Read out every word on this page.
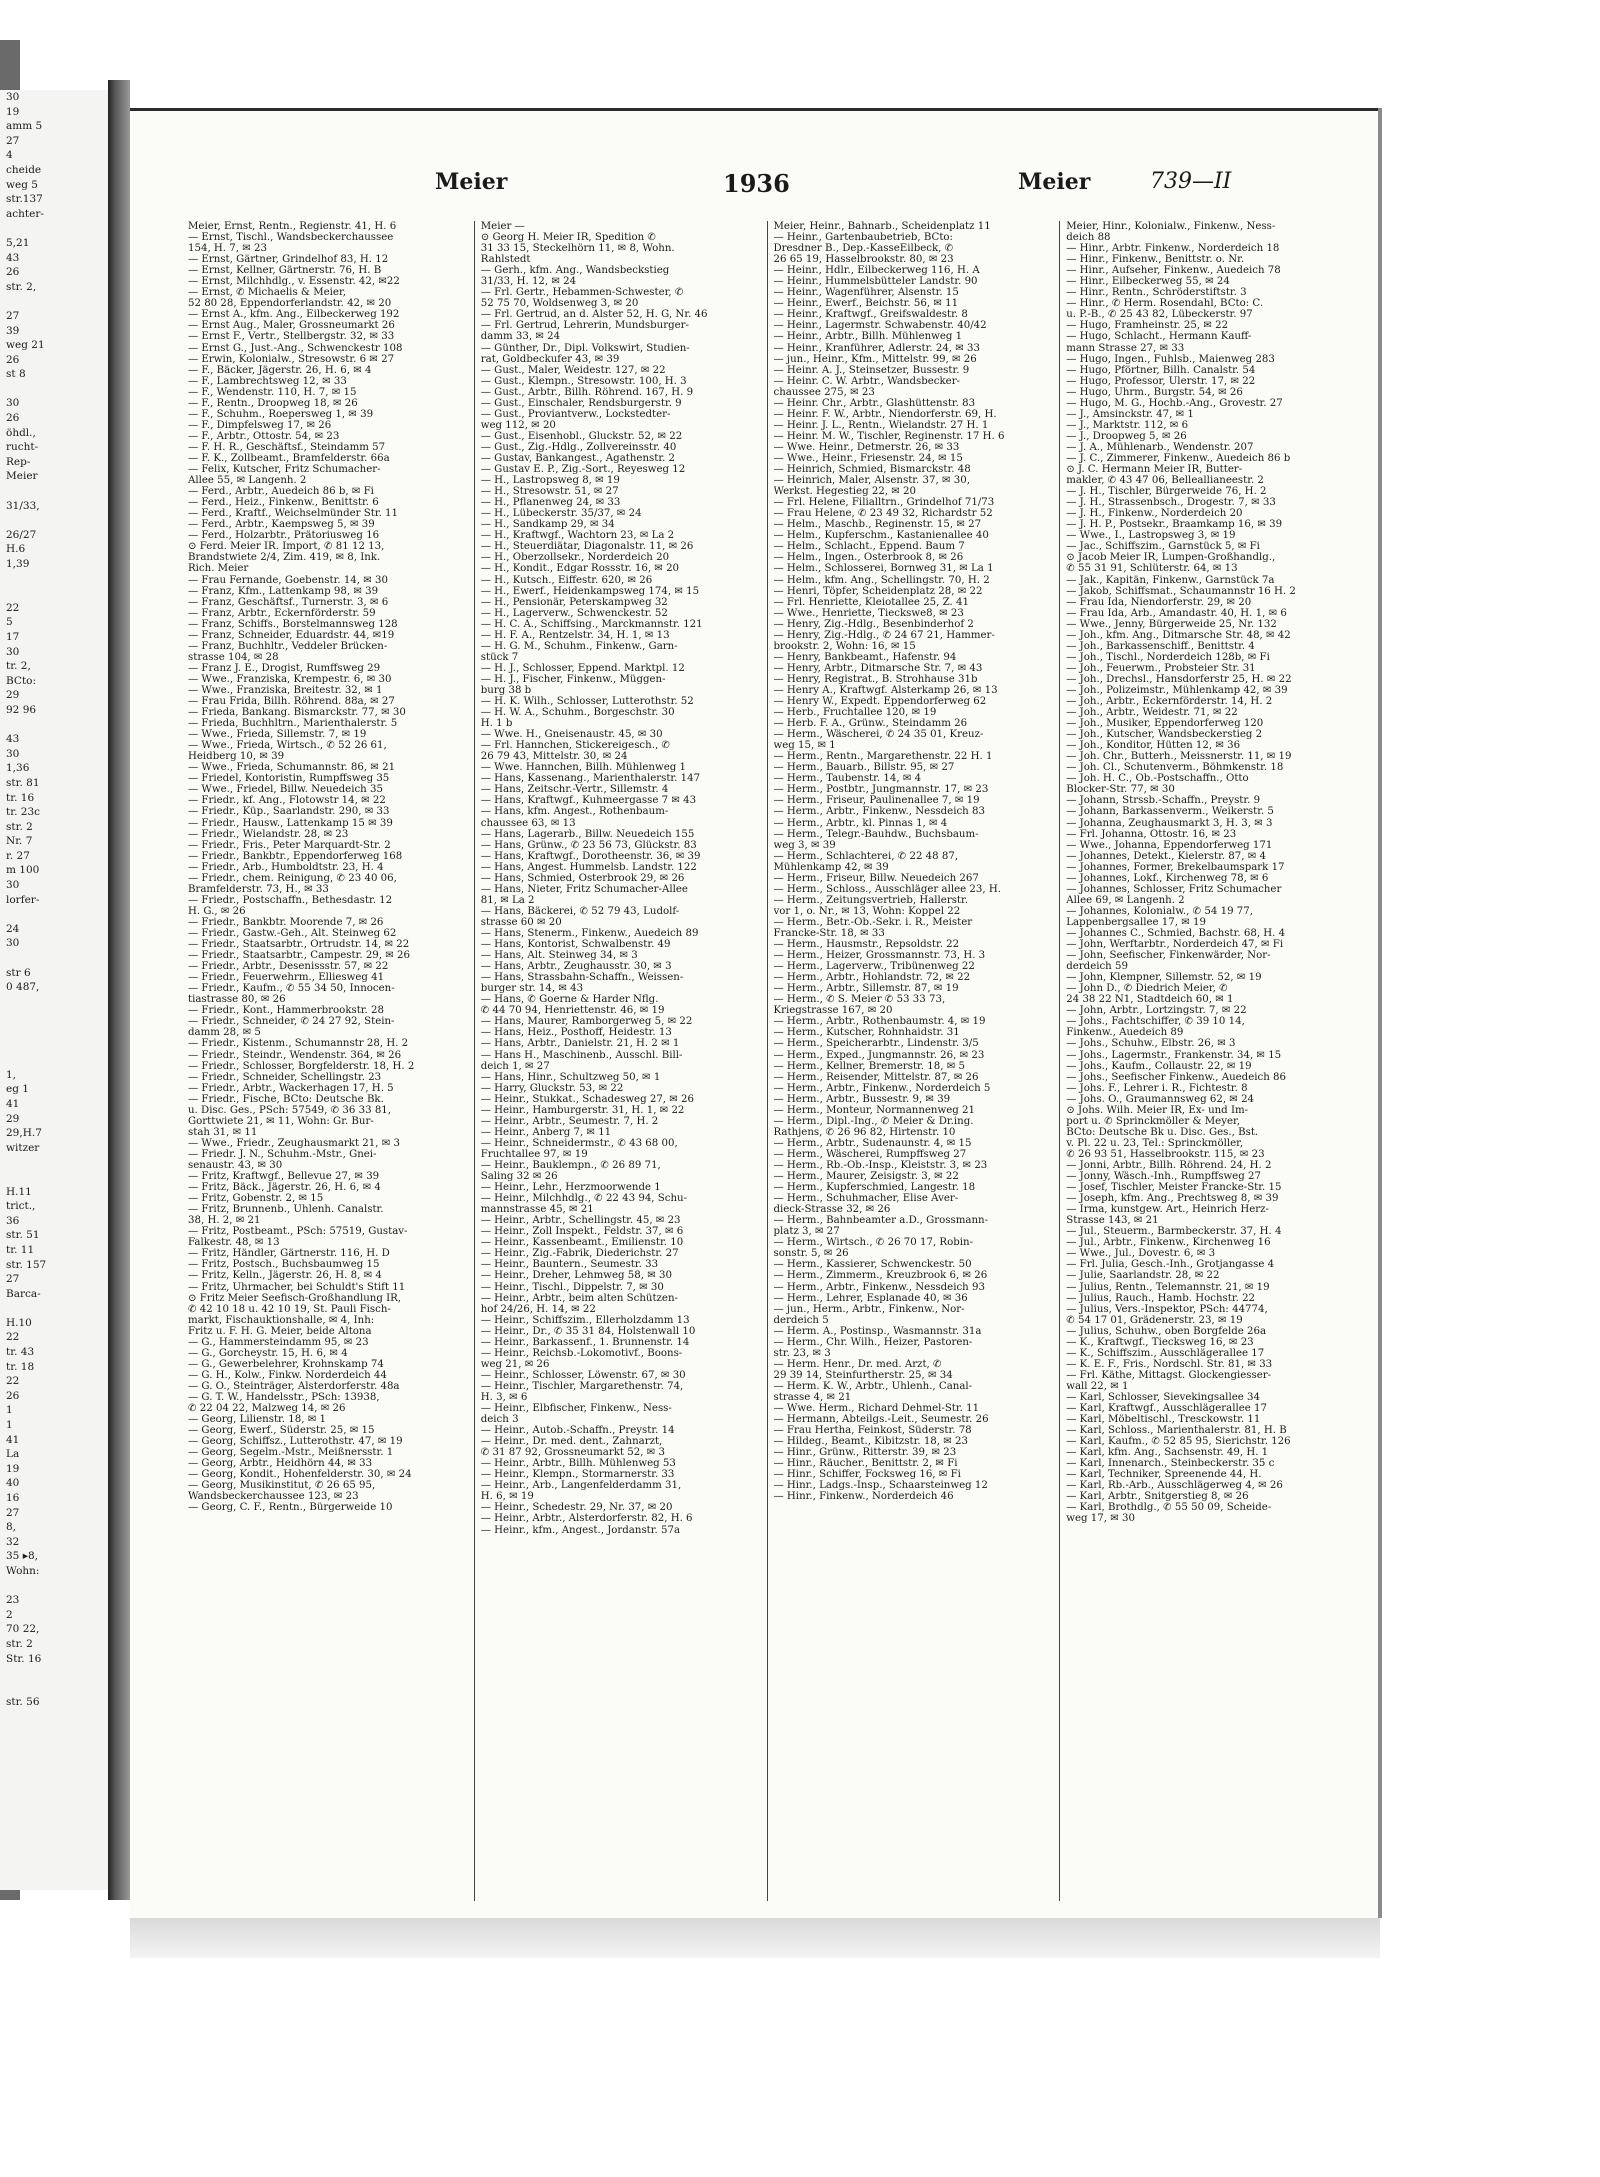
30
19
amm 5
27
4
cheide
weg 5
str.137
achter-

5,21
43
26
str. 2,

27
39
weg 21
26
st 8

30
26
öhdl.,
rucht-
Rep-
Meier

31/33,

26/27
H.6
1,39

22
5
17
30
tr. 2,
BCto:
29
92 96

43
30
1,36
str. 81
tr. 16
tr. 23c
str. 2
Nr. 7
r. 27
m 100
30
lorfer-

24
30

str 6
0 487,

1,
eg 1
41
29
29,H.7
witzer

H.11
trict.,
36
str. 51
tr. 11
str. 157
27
Barca-

H.10
22
tr. 43
tr. 18
22
26
1
1
41
La
19
40
16
27
8,
32
35 ▸8,
Wohn:

23
2
70 22,
str. 2
Str. 16

str. 56
Meier	1936	Meier	739—II
Meier, Ernst, Rentn., Regienstr. 41, H. 6
— Ernst, Tischl., Wandsbeckerchaussee
154, H. 7, ✉ 23
— Ernst, Gärtner, Grindelhof 83, H. 12
— Ernst, Kellner, Gärtnerstr. 76, H. B
— Ernst, Milchhdlg., v. Essenstr. 42, ✉22
— Ernst, ✆ Michaelis & Meier,
52 80 28, Eppendorferlandstr. 42, ✉ 20
— Ernst A., kfm. Ang., Eilbeckerweg 192
— Ernst Aug., Maler, Grossneumarkt 26
— Ernst F., Vertr., Stellbergstr. 32, ✉ 33
— Ernst G., Just.-Ang., Schwenckestr 108
— Erwin, Kolonialw., Stresowstr. 6 ✉ 27
— F., Bäcker, Jägerstr. 26, H. 6, ✉ 4
— F., Lambrechtsweg 12, ✉ 33
— F., Wendenstr. 110, H. 7, ✉ 15
— F., Rentn., Droopweg 18, ✉ 26
— F., Schuhm., Roepersweg 1, ✉ 39
— F., Dimpfelsweg 17, ✉ 26
— F., Arbtr., Ottostr. 54, ✉ 23
— F. H. R., Geschäftsf., Steindamm 57
— F. K., Zollbeamt., Bramfelderstr. 66a
— Felix, Kutscher, Fritz Schumacher-
Allee 55, ✉ Langenh. 2
— Ferd., Arbtr., Auedeich 86 b, ✉ Fi
— Ferd., Heiz., Finkenw., Benittstr. 6
— Ferd., Kraftf., Weichselmünder Str. 11
— Ferd., Arbtr., Kaempsweg 5, ✉ 39
— Ferd., Holzarbtr., Prätoriusweg 16
⊙ Ferd. Meier IR. Import, ✆ 81 12 13,
Brandstwiete 2/4, Zim. 419, ✉ 8, Ink.
Rich. Meier
— Frau Fernande, Goebenstr. 14, ✉ 30
— Franz, Kfm., Lattenkamp 98, ✉ 39
— Franz, Geschäftsf., Turnerstr. 3, ✉ 6
— Franz, Arbtr., Eckernförderstr. 59
— Franz, Schiffs., Borstelmannsweg 128
— Franz, Schneider, Eduardstr. 44, ✉19
— Franz, Buchhltr., Veddeler Brücken-
strasse 104, ✉ 28
— Franz J. E., Drogist, Rumffsweg 29
— Wwe., Franziska, Krempestr. 6, ✉ 30
— Wwe., Franziska, Breitestr. 32, ✉ 1
— Frau Frida, Billh. Röhrend. 88a, ✉ 27
— Frieda, Bankang. Bismarckstr. 77, ✉ 30
— Frieda, Buchhltrn., Marienthalerstr. 5
— Wwe., Frieda, Sillemstr. 7, ✉ 19
— Wwe., Frieda, Wirtsch., ✆ 52 26 61,
Heidberg 10, ✉ 39
— Wwe., Frieda, Schumannstr. 86, ✉ 21
— Friedel, Kontoristin, Rumpffsweg 35
— Wwe., Friedel, Billw. Neuedeich 35
— Friedr., kf. Ang., Flotowstr 14, ✉ 22
— Friedr., Küp., Saarlandstr. 290, ✉ 33
— Friedr., Hausw., Lattenkamp 15 ✉ 39
— Friedr., Wielandstr. 28, ✉ 23
— Friedr., Fris., Peter Marquardt-Str. 2
— Friedr., Bankbtr., Eppendorferweg 168
— Friedr., Arb., Humboldtstr. 23, H. 4
— Friedr., chem. Reinigung, ✆ 23 40 06,
Bramfelderstr. 73, H., ✉ 33
— Friedr., Postschaffn., Bethesdastr. 12
H. G., ✉ 26
— Friedr., Bankbtr. Moorende 7, ✉ 26
— Friedr., Gastw.-Geh., Alt. Steinweg 62
— Friedr., Staatsarbtr., Ortrudstr. 14, ✉ 22
— Friedr., Staatsarbtr., Campestr. 29, ✉ 26
— Friedr., Arbtr., Desenissstr. 57, ✉ 22
— Friedr., Feuerwehrm., Elliesweg 41
— Friedr., Kaufm., ✆ 55 34 50, Innocen-
tiastrasse 80, ✉ 26
— Friedr., Kont., Hammerbrookstr. 28
— Friedr., Schneider, ✆ 24 27 92, Stein-
damm 28, ✉ 5
— Friedr., Kistenm., Schumannstr 28, H. 2
— Friedr., Steindr., Wendenstr. 364, ✉ 26
— Friedr., Schlosser, Borgfelderstr. 18, H. 2
— Friedr., Schneider, Schellingstr. 23
— Friedr., Arbtr., Wackerhagen 17, H. 5
— Friedr., Fische, BCto: Deutsche Bk.
u. Disc. Ges., PSch: 57549, ✆ 36 33 81,
Gorttwiete 21, ✉ 11, Wohn: Gr. Bur-
stah 31, ✉ 11
— Wwe., Friedr., Zeughausmarkt 21, ✉ 3
— Friedr. J. N., Schuhm.-Mstr., Gnei-
senaustr. 43, ✉ 30
— Fritz, Kraftwgf., Bellevue 27, ✉ 39
— Fritz, Bäck., Jägerstr. 26, H. 6, ✉ 4
— Fritz, Gobenstr. 2, ✉ 15
— Fritz, Brunnenb., Uhlenh. Canalstr.
38, H. 2, ✉ 21
— Fritz, Postbeamt., PSch: 57519, Gustav-
Falkestr. 48, ✉ 13
— Fritz, Händler, Gärtnerstr. 116, H. D
— Fritz, Postsch., Buchsbaumweg 15
— Fritz, Kelln., Jägerstr. 26, H. 8, ✉ 4
— Fritz, Uhrmacher, bei Schuldt's Stift 11
⊙ Fritz Meier Seefisch-Großhandlung IR,
✆ 42 10 18 u. 42 10 19, St. Pauli Fisch-
markt, Fischauktionshalle, ✉ 4, Inh:
Fritz u. F. H. G. Meier, beide Altona
— G., Hammersteindamm 95, ✉ 23
— G., Gorcheystr. 15, H. 6, ✉ 4
— G., Gewerbelehrer, Krohnskamp 74
— G. H., Kolw., Finkw. Norderdeich 44
— G. O., Steinträger, Alsterdorferstr. 48a
— G. T. W., Handelsstr., PSch: 13938,
✆ 22 04 22, Malzweg 14, ✉ 26
— Georg, Lilienstr. 18, ✉ 1
— Georg, Ewerf., Süderstr. 25, ✉ 15
— Georg, Schiffsz., Lutterothstr. 47, ✉ 19
— Georg, Segelm.-Mstr., Meißnersstr. 1
— Georg, Arbtr., Heidhörn 44, ✉ 33
— Georg, Kondit., Hohenfelderstr. 30, ✉ 24
— Georg, Musikinstitut, ✆ 26 65 95,
Wandsbeckerchaussee 123, ✉ 23
— Georg, C. F., Rentn., Bürgerweide 10
Meier —
⊙ Georg H. Meier IR, Spedition ✆
31 33 15, Steckelhörn 11, ✉ 8, Wohn.
Rahlstedt
— Gerh., kfm. Ang., Wandsbeckstieg
31/33, H. 12, ✉ 24
— Frl. Gertr., Hebammen-Schwester, ✆
52 75 70, Woldsenweg 3, ✉ 20
— Frl. Gertrud, an d. Alster 52, H. G, Nr. 46
— Frl. Gertrud, Lehrerin, Mundsburger-
damm 33, ✉ 24
— Günther, Dr., Dipl. Volkswirt, Studien-
rat, Goldbeckufer 43, ✉ 39
— Gust., Maler, Weidestr. 127, ✉ 22
— Gust., Klempn., Stresowstr. 100, H. 3
— Gust., Arbtr., Billh. Röhrend. 167, H. 9
— Gust., Einschaler, Rendsburgerstr. 9
— Gust., Proviantverw., Lockstedter-
weg 112, ✉ 20
— Gust., Eisenhobl., Gluckstr. 52, ✉ 22
— Gust., Zig.-Hdlg., Zollvereinsstr. 40
— Gustav, Bankangest., Agathenstr. 2
— Gustav E. P., Zig.-Sort., Reyesweg 12
— H., Lastropsweg 8, ✉ 19
— H., Stresowstr. 51, ✉ 27
— H., Pflanenweg 24, ✉ 33
— H., Lübeckerstr. 35/37, ✉ 24
— H., Sandkamp 29, ✉ 34
— H., Kraftwgf., Wachtorn 23, ✉ La 2
— H., Steuerdiätar, Diagonalstr. 11, ✉ 26
— H., Oberzollsekr., Norderdeich 20
— H., Kondit., Edgar Rossstr. 16, ✉ 20
— H., Kutsch., Eiffestr. 620, ✉ 26
— H., Ewerf., Heidenkampsweg 174, ✉ 15
— H., Pensionär, Peterskampweg 32
— H., Lagerverw., Schwenckestr. 52
— H. C. A., Schiffsing., Marckmannstr. 121
— H. F. A., Rentzelstr. 34, H. 1, ✉ 13
— H. G. M., Schuhm., Finkenw., Garn-
stück 7
— H. J., Schlosser, Eppend. Marktpl. 12
— H. J., Fischer, Finkenw., Müggen-
burg 38 b
— H. K. Wilh., Schlosser, Lutterothstr. 52
— H. W. A., Schuhm., Borgeschstr. 30
H. 1 b
— Wwe. H., Gneisenaustr. 45, ✉ 30
— Frl. Hannchen, Stickereigesch., ✆
26 79 43, Mittelstr. 30, ✉ 24
— Wwe. Hannchen, Billh. Mühlenweg 1
— Hans, Kassenang., Marienthalerstr. 147
— Hans, Zeitschr.-Vertr., Sillemstr. 4
— Hans, Kraftwgf., Kuhmeergasse 7 ✉ 43
— Hans, kfm. Angest., Rothenbaum-
chaussee 63, ✉ 13
— Hans, Lagerarb., Billw. Neuedeich 155
— Hans, Grünw., ✆ 23 56 73, Glückstr. 83
— Hans, Kraftwgf., Dorotheenstr. 36, ✉ 39
— Hans, Angest. Hummelsb. Landstr. 122
— Hans, Schmied, Osterbrook 29, ✉ 26
— Hans, Nieter, Fritz Schumacher-Allee
81, ✉ La 2
— Hans, Bäckerei, ✆ 52 79 43, Ludolf-
strasse 60 ✉ 20
— Hans, Stenerm., Finkenw., Auedeich 89
— Hans, Kontorist, Schwalbenstr. 49
— Hans, Alt. Steinweg 34, ✉ 3
— Hans, Arbtr., Zeughausstr. 30, ✉ 3
— Hans, Strassbahn-Schaffn., Weissen-
burger str. 14, ✉ 43
— Hans, ✆ Goerne & Harder Nflg.
✆ 44 70 94, Henriettenstr. 46, ✉ 19
— Hans, Maurer, Ramborgerweg 5, ✉ 22
— Hans, Heiz., Posthoff, Heidestr. 13
— Hans, Arbtr., Danielstr. 21, H. 2 ✉ 1
— Hans H., Maschinenb., Ausschl. Bill-
deich 1, ✉ 27
— Hans, Hinr., Schultzweg 50, ✉ 1
— Harry, Gluckstr. 53, ✉ 22
— Heinr., Stukkat., Schadesweg 27, ✉ 26
— Heinr., Hamburgerstr. 31, H. 1, ✉ 22
— Heinr., Arbtr., Seumestr. 7, H. 2
— Heinr., Anberg 7, ✉ 11
— Heinr., Schneidermstr., ✆ 43 68 00,
Fruchtallee 97, ✉ 19
— Heinr., Bauklempn., ✆ 26 89 71,
Saling 32 ✉ 26
— Heinr., Lehr., Herzmoorwende 1
— Heinr., Milchhdlg., ✆ 22 43 94, Schu-
mannstrasse 45, ✉ 21
— Heinr., Arbtr., Schellingstr. 45, ✉ 23
— Heinr., Zoll Inspekt., Feldstr. 37, ✉ 6
— Heinr., Kassenbeamt., Emilienstr. 10
— Heinr., Zig.-Fabrik, Diederichstr. 27
— Heinr., Bauntern., Seumestr. 33
— Heinr., Dreher, Lehmweg 58, ✉ 30
— Heinr., Tischl., Dippelstr. 7, ✉ 30
— Heinr., Arbtr., beim alten Schützen-
hof 24/26, H. 14, ✉ 22
— Heinr., Schiffszim., Ellerholzdamm 13
— Heinr., Dr., ✆ 35 31 84, Holstenwall 10
— Heinr., Barkassenf., 1. Brunnenstr. 14
— Heinr., Reichsb.-Lokomotivf., Boons-
weg 21, ✉ 26
— Heinr., Schlosser, Löwenstr. 67, ✉ 30
— Heinr., Tischler, Margarethenstr. 74,
H. 3, ✉ 6
— Heinr., Elbfischer, Finkenw., Ness-
deich 3
— Heinr., Autob.-Schaffn., Preystr. 14
— Heinr., Dr. med. dent., Zahnarzt,
✆ 31 87 92, Grossneumarkt 52, ✉ 3
— Heinr., Arbtr., Billh. Mühlenweg 53
— Heinr., Klempn., Stormarnerstr. 33
— Heinr., Arb., Langenfelderdamm 31,
H. 6, ✉ 19
— Heinr., Schedestr. 29, Nr. 37, ✉ 20
— Heinr., Arbtr., Alsterdorferstr. 82, H. 6
— Heinr., kfm., Angest., Jordanstr. 57a
Meier, Heinr., Bahnarb., Scheidenplatz 11
— Heinr., Gartenbaubetrieb, BCto:
Dresdner B., Dep.-KasseEilbeck, ✆
26 65 19, Hasselbrookstr. 80, ✉ 23
— Heinr., Hdlr., Eilbeckerweg 116, H. A
— Heinr., Hummelsbütteler Landstr. 90
— Heinr., Wagenführer, Alsenstr. 15
— Heinr., Ewerf., Beichstr. 56, ✉ 11
— Heinr., Kraftwgf., Greifswaldestr. 8
— Heinr., Lagermstr. Schwabenstr. 40/42
— Heinr., Arbtr., Billh. Mühlenweg 1
— Heinr., Kranführer, Adlerstr. 24, ✉ 33
— jun., Heinr., Kfm., Mittelstr. 99, ✉ 26
— Heinr. A. J., Steinsetzer, Bussestr. 9
— Heinr. C. W. Arbtr., Wandsbecker-
chaussee 275, ✉ 23
— Heinr. Chr., Arbtr., Glashüttenstr. 83
— Heinr. F. W., Arbtr., Niendorferstr. 69, H.
— Heinr. J. L., Rentn., Wielandstr. 27 H. 1
— Heinr. M. W., Tischler, Reginenstr. 17 H. 6
— Wwe. Heinr., Detmerstr. 26, ✉ 33
— Wwe., Heinr., Friesenstr. 24, ✉ 15
— Heinrich, Schmied, Bismarckstr. 48
— Heinrich, Maler, Alsenstr. 37, ✉ 30,
Werkst. Hegestieg 22, ✉ 20
— Frl. Helene, Filialltrn., Grindelhof 71/73
— Frau Helene, ✆ 23 49 32, Richardstr 52
— Helm., Maschb., Reginenstr. 15, ✉ 27
— Helm., Kupferschm., Kastanienallee 40
— Helm., Schlacht., Eppend. Baum 7
— Helm., Ingen., Osterbrook 8, ✉ 26
— Helm., Schlosserei, Bornweg 31, ✉ La 1
— Helm., kfm. Ang., Schellingstr. 70, H. 2
— Henri, Töpfer, Scheidenplatz 28, ✉ 22
— Frl. Henriette, Kleiotallee 25, Z. 41
— Wwe., Henriette, Tieckswe8, ✉ 23
— Henry, Zig.-Hdlg., Besenbinderhof 2
— Henry, Zig.-Hdlg., ✆ 24 67 21, Hammer-
brookstr. 2, Wohn: 16, ✉ 15
— Henry, Bankbeamt., Hafenstr. 94
— Henry, Arbtr., Ditmarsche Str. 7, ✉ 43
— Henry, Registrat., B. Strohhause 31b
— Henry A., Kraftwgf. Alsterkamp 26, ✉ 13
— Henry W., Expedt. Eppendorferweg 62
— Herb., Fruchtallee 120, ✉ 19
— Herb. F. A., Grünw., Steindamm 26
— Herm., Wäscherei, ✆ 24 35 01, Kreuz-
weg 15, ✉ 1
— Herm., Rentn., Margarethenstr. 22 H. 1
— Herm., Bauarb., Billstr. 95, ✉ 27
— Herm., Taubenstr. 14, ✉ 4
— Herm., Postbtr., Jungmannstr. 17, ✉ 23
— Herm., Friseur, Paulinenallee 7, ✉ 19
— Herm., Arbtr., Finkenw., Nessdeich 83
— Herm., Arbtr., kl. Pinnas 1, ✉ 4
— Herm., Telegr.-Bauhdw., Buchsbaum-
weg 3, ✉ 39
— Herm., Schlachterei, ✆ 22 48 87,
Mühlenkamp 42, ✉ 39
— Herm., Friseur, Billw. Neuedeich 267
— Herm., Schloss., Ausschläger allee 23, H.
— Herm., Zeitungsvertrieb, Hallerstr.
vor 1, o. Nr., ✉ 13, Wohn: Koppel 22
— Herm., Betr.-Ob.-Sekr. i. R., Meister
Francke-Str. 18, ✉ 33
— Herm., Hausmstr., Repsoldstr. 22
— Herm., Heizer, Grossmannstr. 73, H. 3
— Herm., Lagerverw., Tribünenweg 22
— Herm., Arbtr., Hohlandstr. 72, ✉ 22
— Herm., Arbtr., Sillemstr. 87, ✉ 19
— Herm., ✆ S. Meier ✆ 53 33 73,
Kriegstrasse 167, ✉ 20
— Herm., Arbtr., Rothenbaumstr. 4, ✉ 19
— Herm., Kutscher, Rohnhaidstr. 31
— Herm., Speicherarbtr., Lindenstr. 3/5
— Herm., Exped., Jungmannstr. 26, ✉ 23
— Herm., Kellner, Bremerstr. 18, ✉ 5
— Herm., Reisender, Mittelstr. 87, ✉ 26
— Herm., Arbtr., Finkenw., Norderdeich 5
— Herm., Arbtr., Bussestr. 9, ✉ 39
— Herm., Monteur, Normannenweg 21
— Herm., Dipl.-Ing., ✆ Meier & Dr.ing.
Rathjens, ✆ 26 96 82, Hirtenstr. 10
— Herm., Arbtr., Sudenaunstr. 4, ✉ 15
— Herm., Wäscherei, Rumpffsweg 27
— Herm., Rb.-Ob.-Insp., Kleiststr. 3, ✉ 23
— Herm., Maurer, Zeisigstr. 3, ✉ 22
— Herm., Kupferschmied, Langestr. 18
— Herm., Schuhmacher, Elise Aver-
dieck-Strasse 32, ✉ 26
— Herm., Bahnbeamter a.D., Grossmann-
platz 3, ✉ 27
— Herm., Wirtsch., ✆ 26 70 17, Robin-
sonstr. 5, ✉ 26
— Herm., Kassierer, Schwenckestr. 50
— Herm., Zimmerm., Kreuzbrook 6, ✉ 26
— Herm., Arbtr., Finkenw., Nessdeich 93
— Herm., Lehrer, Esplanade 40, ✉ 36
— jun., Herm., Arbtr., Finkenw., Nor-
derdeich 5
— Herm. A., Postinsp., Wasmannstr. 31a
— Herm., Chr. Wilh., Heizer, Pastoren-
str. 23, ✉ 3
— Herm. Henr., Dr. med. Arzt, ✆
29 39 14, Steinfurtherstr. 25, ✉ 34
— Herm. K. W., Arbtr., Uhlenh., Canal-
strasse 4, ✉ 21
— Wwe. Herm., Richard Dehmel-Str. 11
— Hermann, Abteilgs.-Leit., Seumestr. 26
— Frau Hertha, Feinkost, Süderstr. 78
— Hildeg., Beamt., Kibitzstr. 18, ✉ 23
— Hinr., Grünw., Ritterstr. 39, ✉ 23
— Hinr., Räucher., Benittstr. 2, ✉ Fi
— Hinr., Schiffer, Focksweg 16, ✉ Fi
— Hinr., Ladgs.-Insp., Schaarsteinweg 12
— Hinr., Finkenw., Norderdeich 46
Meier, Hinr., Kolonialw., Finkenw., Ness-
deich 88
— Hinr., Arbtr. Finkenw., Norderdeich 18
— Hinr., Finkenw., Benittstr. o. Nr.
— Hinr., Aufseher, Finkenw., Auedeich 78
— Hinr., Eilbeckerweg 55, ✉ 24
— Hinr., Rentn., Schröderstiftstr. 3
— Hinr., ✆ Herm. Rosendahl, BCto: C.
u. P.-B., ✆ 25 43 82, Lübeckerstr. 97
— Hugo, Framheinstr. 25, ✉ 22
— Hugo, Schlacht., Hermann Kauff-
mann Strasse 27, ✉ 33
— Hugo, Ingen., Fuhlsb., Maienweg 283
— Hugo, Pförtner, Billh. Canalstr. 54
— Hugo, Professor, Ulerstr. 17, ✉ 22
— Hugo, Uhrm., Burgstr. 54, ✉ 26
— Hugo, M. G., Hochb.-Ang., Grovestr. 27
— J., Amsinckstr. 47, ✉ 1
— J., Marktstr. 112, ✉ 6
— J., Droopweg 5, ✉ 26
— J. A., Mühlenarb., Wendenstr. 207
— J. C., Zimmerer, Finkenw., Auedeich 86 b
⊙ J. C. Hermann Meier IR, Butter-
makler, ✆ 43 47 06, Belleallianeestr. 2
— J. H., Tischler, Bürgerweide 76, H. 2
— J. H., Strassenbsch., Drogestr. 7, ✉ 33
— J. H., Finkenw., Norderdeich 20
— J. H. P., Postsekr., Braamkamp 16, ✉ 39
— Wwe., I., Lastropsweg 3, ✉ 19
— Jac., Schiffszim., Garnstück 5, ✉ Fi
⊙ Jacob Meier IR, Lumpen-Großhandlg.,
✆ 55 31 91, Schlüterstr. 64, ✉ 13
— Jak., Kapitän, Finkenw., Garnstück 7a
— Jakob, Schiffsmat., Schaumannstr 16 H. 2
— Frau Ida, Niendorferstr. 29, ✉ 20
— Frau Ida, Arb., Amandastr. 40, H. 1, ✉ 6
— Wwe., Jenny, Bürgerweide 25, Nr. 132
— Joh., kfm. Ang., Ditmarsche Str. 48, ✉ 42
— Joh., Barkassenschiff., Benittstr. 4
— Joh., Tischl., Norderdeich 128b, ✉ Fi
— Joh., Feuerwm., Probsteier Str. 31
— Joh., Drechsl., Hansdorferstr 25, H. ✉ 22
— Joh., Polizeimstr., Mühlenkamp 42, ✉ 39
— Joh., Arbtr., Eckernförderstr. 14, H. 2
— Joh., Arbtr., Weidestr. 71, ✉ 22
— Joh., Musiker, Eppendorferweg 120
— Joh., Kutscher, Wandsbeckerstieg 2
— Joh., Konditor, Hütten 12, ✉ 36
— Joh. Chr., Butterh., Meissnerstr. 11, ✉ 19
— Joh. Cl., Schutenverm., Böhmkenstr. 18
— Joh. H. C., Ob.-Postschaffn., Otto
Blocker-Str. 77, ✉ 30
— Johann, Strssb.-Schaffn., Preystr. 9
— Johann, Barkassenverm., Weikerstr. 5
— Johanna, Zeughausmarkt 3, H. 3, ✉ 3
— Frl. Johanna, Ottostr. 16, ✉ 23
— Wwe., Johanna, Eppendorferweg 171
— Johannes, Detekt., Kielerstr. 87, ✉ 4
— Johannes, Former, Brekelbaumspark 17
— Johannes, Lokf., Kirchenweg 78, ✉ 6
— Johannes, Schlosser, Fritz Schumacher
Allee 69, ✉ Langenh. 2
— Johannes, Kolonialw., ✆ 54 19 77,
Lappenbergsallee 17, ✉ 19
— Johannes C., Schmied, Bachstr. 68, H. 4
— John, Werftarbtr., Norderdeich 47, ✉ Fi
— John, Seefischer, Finkenwärder, Nor-
derdeich 59
— John, Klempner, Sillemstr. 52, ✉ 19
— John D., ✆ Diedrich Meier, ✆
24 38 22 N1, Stadtdeich 60, ✉ 1
— John, Arbtr., Lortzingstr. 7, ✉ 22
— Johs., Fachtschiffer, ✆ 39 10 14,
Finkenw., Auedeich 89
— Johs., Schuhw., Elbstr. 26, ✉ 3
— Johs., Lagermstr., Frankenstr. 34, ✉ 15
— Johs., Kaufm., Collaustr. 22, ✉ 19
— Johs., Seefischer Finkenw., Auedeich 86
— Johs. F., Lehrer i. R., Fichtestr. 8
— Johs. O., Graumannsweg 62, ✉ 24
⊙ Johs. Wilh. Meier IR, Ex- und Im-
port u. ✆ Sprinckmöller & Meyer,
BCto: Deutsche Bk u. Disc. Ges., Bst.
v. Pl. 22 u. 23, Tel.: Sprinckmöller,
✆ 26 93 51, Hasselbrookstr. 115, ✉ 23
— Jonni, Arbtr., Billh. Röhrend. 24, H. 2
— Jonny, Wäsch.-Inh., Rumpffsweg 27
— Josef, Tischler, Meister Francke-Str. 15
— Joseph, kfm. Ang., Prechtsweg 8, ✉ 39
— Irma, kunstgew. Art., Heinrich Herz-
Strasse 143, ✉ 21
— Jul., Steuerm., Barmbeckerstr. 37, H. 4
— Jul., Arbtr., Finkenw., Kirchenweg 16
— Wwe., Jul., Dovestr. 6, ✉ 3
— Frl. Julia, Gesch.-Inh., Grotjangasse 4
— Julie, Saarlandstr. 28, ✉ 22
— Julius, Rentn., Telemannstr. 21, ✉ 19
— Julius, Rauch., Hamb. Hochstr. 22
— Julius, Vers.-Inspektor, PSch: 44774,
✆ 54 17 01, Grädenerstr. 23, ✉ 19
— Julius, Schuhw., oben Borgfelde 26a
— K., Kraftwgf., Tiecksweg 16, ✉ 23
— K., Schiffszim., Ausschlägerallee 17
— K. E. F., Fris., Nordschl. Str. 81, ✉ 33
— Frl. Käthe, Mittagst. Glockengiesser-
wall 22, ✉ 1
— Karl, Schlosser, Sievekingsallee 34
— Karl, Kraftwgf., Ausschlägerallee 17
— Karl, Möbeltischl., Tresckowstr. 11
— Karl, Schloss., Marienthalerstr. 81, H. B
— Karl, Kaufm., ✆ 52 85 95, Sierichstr. 126
— Karl, kfm. Ang., Sachsenstr. 49, H. 1
— Karl, Innenarch., Steinbeckerstr. 35 c
— Karl, Techniker, Spreenende 44, H.
— Karl, Rb.-Arb., Ausschlägerweg 4, ✉ 26
— Karl, Arbtr., Snitgerstieg 8, ✉ 26
— Karl, Brothdlg., ✆ 55 50 09, Scheide-
weg 17, ✉ 30
